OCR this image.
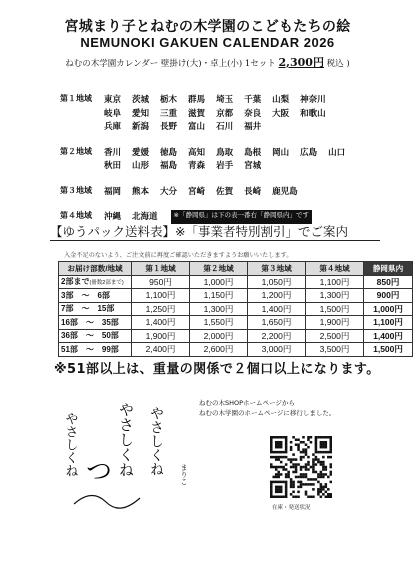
宮城まり子とねむの木学園のこどもたちの絵
NEMUNOKI GAKUEN CALENDAR 2026
ねむの木学園カレンダー 壁掛け(大)・卓上(小) 1セット 2,300円 税込 )
第１地域	東京 茨城 栃木 群馬 埼玉 千葉 山梨 神奈川
岐阜 愛知 三重 滋賀 京都 奈良 大阪 和歌山
兵庫 新潟 長野 富山 石川 福井
第２地域	香川 愛媛 徳島 高知 鳥取 島根 岡山 広島 山口
秋田 山形 福島 青森 岩手 宮城
第３地域	福岡 熊本 大分 宮崎 佐賀 長崎 鹿児島
第４地域	沖縄 北海道	※「静岡県」は下の表一番右「静岡県内」です
【ゆうパック送料表】※「事業者特別割引」でご案内
入金不足のないよう、ご注文前に再度ご確認いただきますようお願いいたします。
お届け部数/地域	第１地域	第２地域	第３地域	第４地域	静岡県内
2部まで(冊数2部まで)	950円	1,000円	1,050円	1,100円	850円
3部　～　6部	1,100円	1,150円	1,200円	1,300円	900円
7部　～　15部	1,250円	1,300円	1,400円	1,500円	1,000円
16部　～　35部	1,400円	1,550円	1,650円	1,900円	1,100円
36部　～　50部	1,900円	2,000円	2,200円	2,500円	1,400円
51部　～　99部	2,400円	2,600円	3,000円	3,500円	1,500円
※51部以上は、重量の関係で２個口以上になります。
やさしくね	やさしくね やさしくね
つ	まりこ
ねむの木SHOPホームページから
ねむの木学園のホームページに移行しました。
在庫・発送状況
